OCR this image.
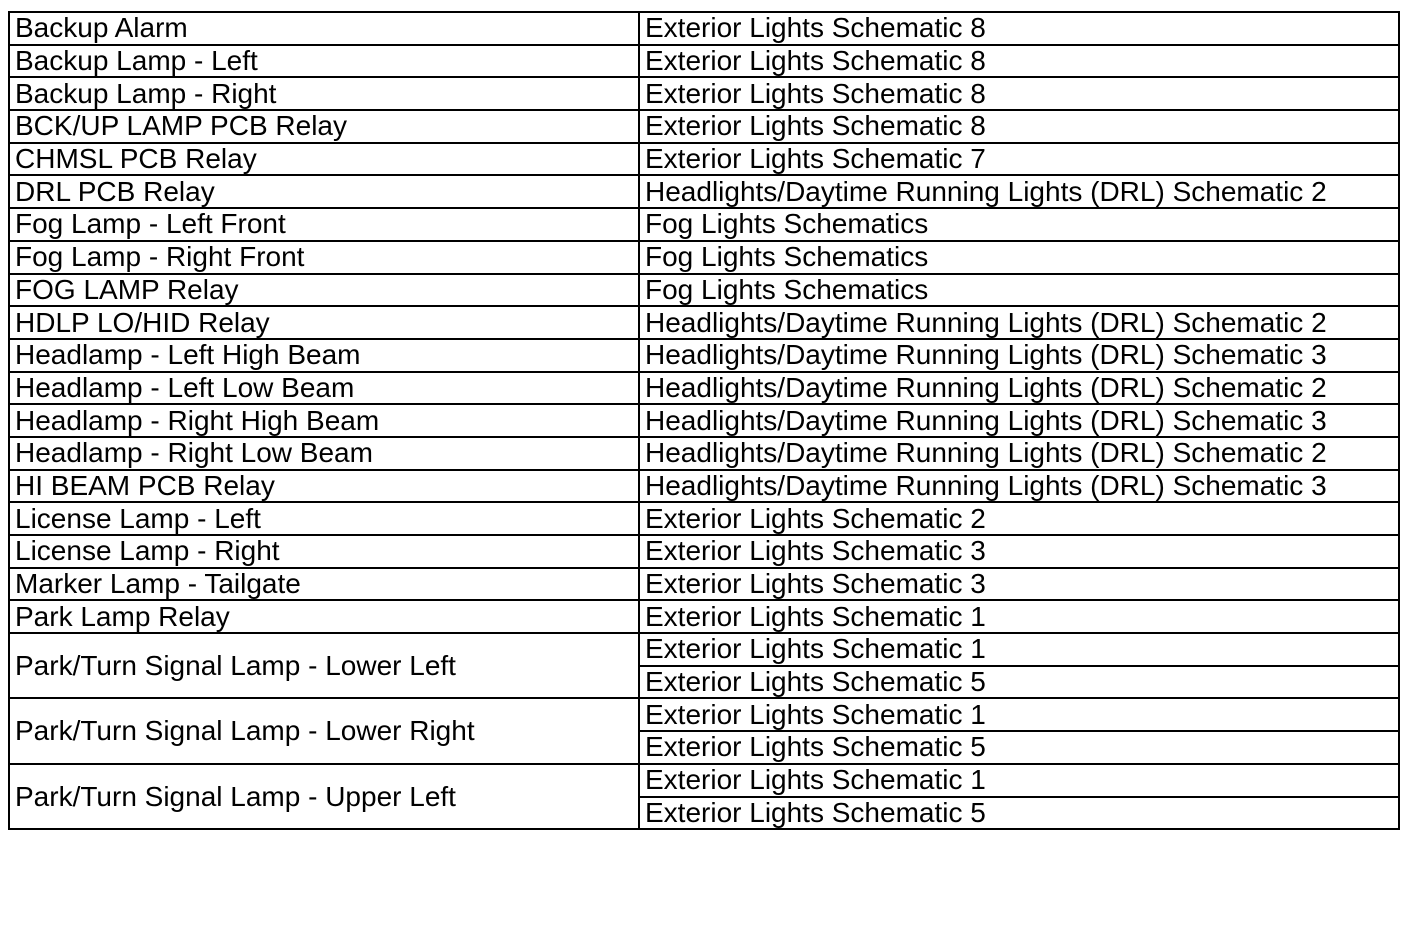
Backup Alarm	Exterior Lights Schematic 8
Backup Lamp - Left	Exterior Lights Schematic 8
Backup Lamp - Right	Exterior Lights Schematic 8
BCK/UP LAMP PCB Relay	Exterior Lights Schematic 8
CHMSL PCB Relay	Exterior Lights Schematic 7
DRL PCB Relay	Headlights/Daytime Running Lights (DRL) Schematic 2
Fog Lamp - Left Front	Fog Lights Schematics
Fog Lamp - Right Front	Fog Lights Schematics
FOG LAMP Relay	Fog Lights Schematics
HDLP LO/HID Relay	Headlights/Daytime Running Lights (DRL) Schematic 2
Headlamp - Left High Beam	Headlights/Daytime Running Lights (DRL) Schematic 3
Headlamp - Left Low Beam	Headlights/Daytime Running Lights (DRL) Schematic 2
Headlamp - Right High Beam	Headlights/Daytime Running Lights (DRL) Schematic 3
Headlamp - Right Low Beam	Headlights/Daytime Running Lights (DRL) Schematic 2
HI BEAM PCB Relay	Headlights/Daytime Running Lights (DRL) Schematic 3
License Lamp - Left	Exterior Lights Schematic 2
License Lamp - Right	Exterior Lights Schematic 3
Marker Lamp - Tailgate	Exterior Lights Schematic 3
Park Lamp Relay	Exterior Lights Schematic 1
Park/Turn Signal Lamp - Lower Left	Exterior Lights Schematic 1
	Exterior Lights Schematic 5
Park/Turn Signal Lamp - Lower Right	Exterior Lights Schematic 1
	Exterior Lights Schematic 5
Park/Turn Signal Lamp - Upper Left	Exterior Lights Schematic 1
	Exterior Lights Schematic 5
